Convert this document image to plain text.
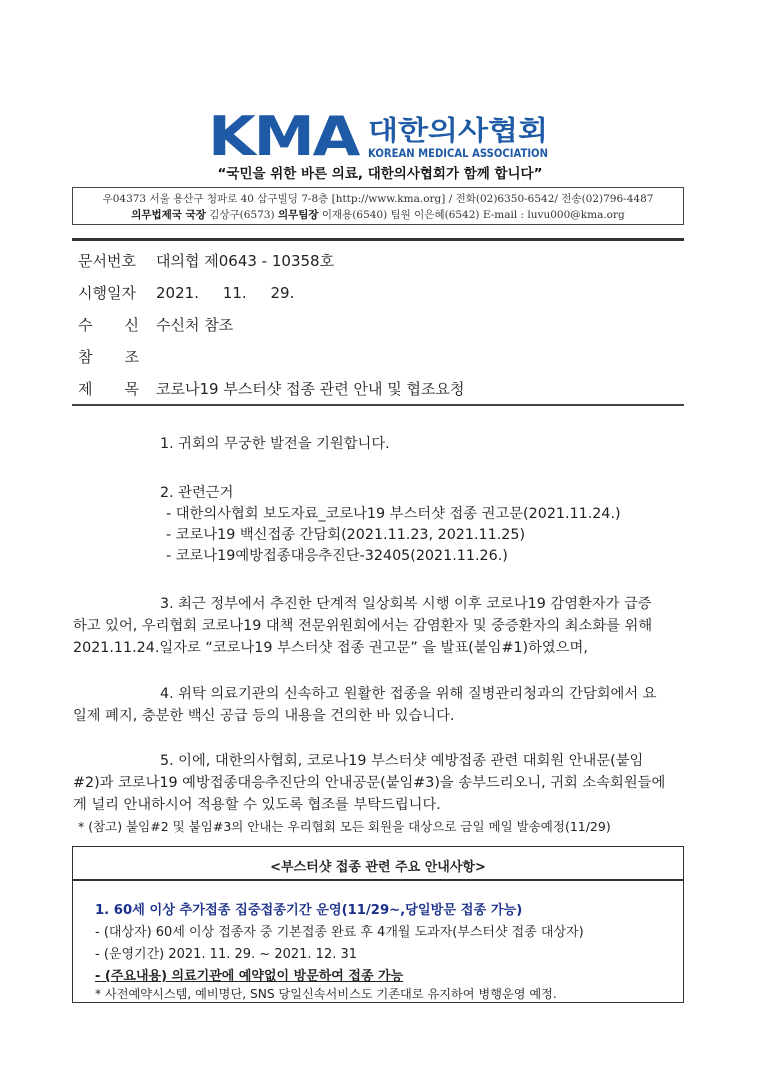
KMA 대한의사협회
KOREAN MEDICAL ASSOCIATION
“국민을 위한 바른 의료, 대한의사협회가 함께 합니다”
우04373 서울 용산구 청파로 40 삼구빌딩 7-8층 [http://www.kma.org] / 전화(02)6350-6542/ 전송(02)796-4487
의무법제국 국장 김상구(6573) 의무팀장 이재용(6540) 팀원 이은혜(6542) E-mail : luvu000@kma.org
문서번호 대의협 제0643 - 10358호
시행일자 2021.     11.     29.
수 신 수신처 참조
참 조
제 목 코로나19 부스터샷 접종 관련 안내 및 협조요청
1. 귀회의 무궁한 발전을 기원합니다.
2. 관련근거
- 대한의사협회 보도자료_코로나19 부스터샷 접종 권고문(2021.11.24.)
- 코로나19 백신접종 간담회(2021.11.23, 2021.11.25)
- 코로나19예방접종대응추진단-32405(2021.11.26.)
3. 최근 정부에서 추진한 단계적 일상회복 시행 이후 코로나19 감염환자가 급증
하고 있어, 우리협회 코로나19 대책 전문위원회에서는 감염환자 및 중증환자의 최소화를 위해
2021.11.24.일자로 “코로나19 부스터샷 접종 권고문” 을 발표(붙임#1)하였으며,
4. 위탁 의료기관의 신속하고 원활한 접종을 위해 질병관리청과의 간담회에서 요
일제 폐지, 충분한 백신 공급 등의 내용을 건의한 바 있습니다.
5. 이에, 대한의사협회, 코로나19 부스터샷 예방접종 관련 대회원 안내문(붙임
#2)과 코로나19 예방접종대응추진단의 안내공문(붙임#3)을 송부드리오니, 귀회 소속회원들에
게 널리 안내하시어 적용할 수 있도록 협조를 부탁드립니다.
* (참고) 붙임#2 및 붙임#3의 안내는 우리협회 모든 회원을 대상으로 금일 메일 발송예정(11/29)
<부스터샷 접종 관련 주요 안내사항>
1. 60세 이상 추가접종 집중접종기간 운영(11/29~,당일방문 접종 가능)
- (대상자) 60세 이상 접종자 중 기본접종 완료 후 4개월 도과자(부스터샷 접종 대상자)
- (운영기간) 2021. 11. 29. ~ 2021. 12. 31
- (주요내용) 의료기관에 예약없이 방문하여 접종 가능
* 사전예약시스템, 예비명단, SNS 당일신속서비스도 기존대로 유지하여 병행운영 예정.
